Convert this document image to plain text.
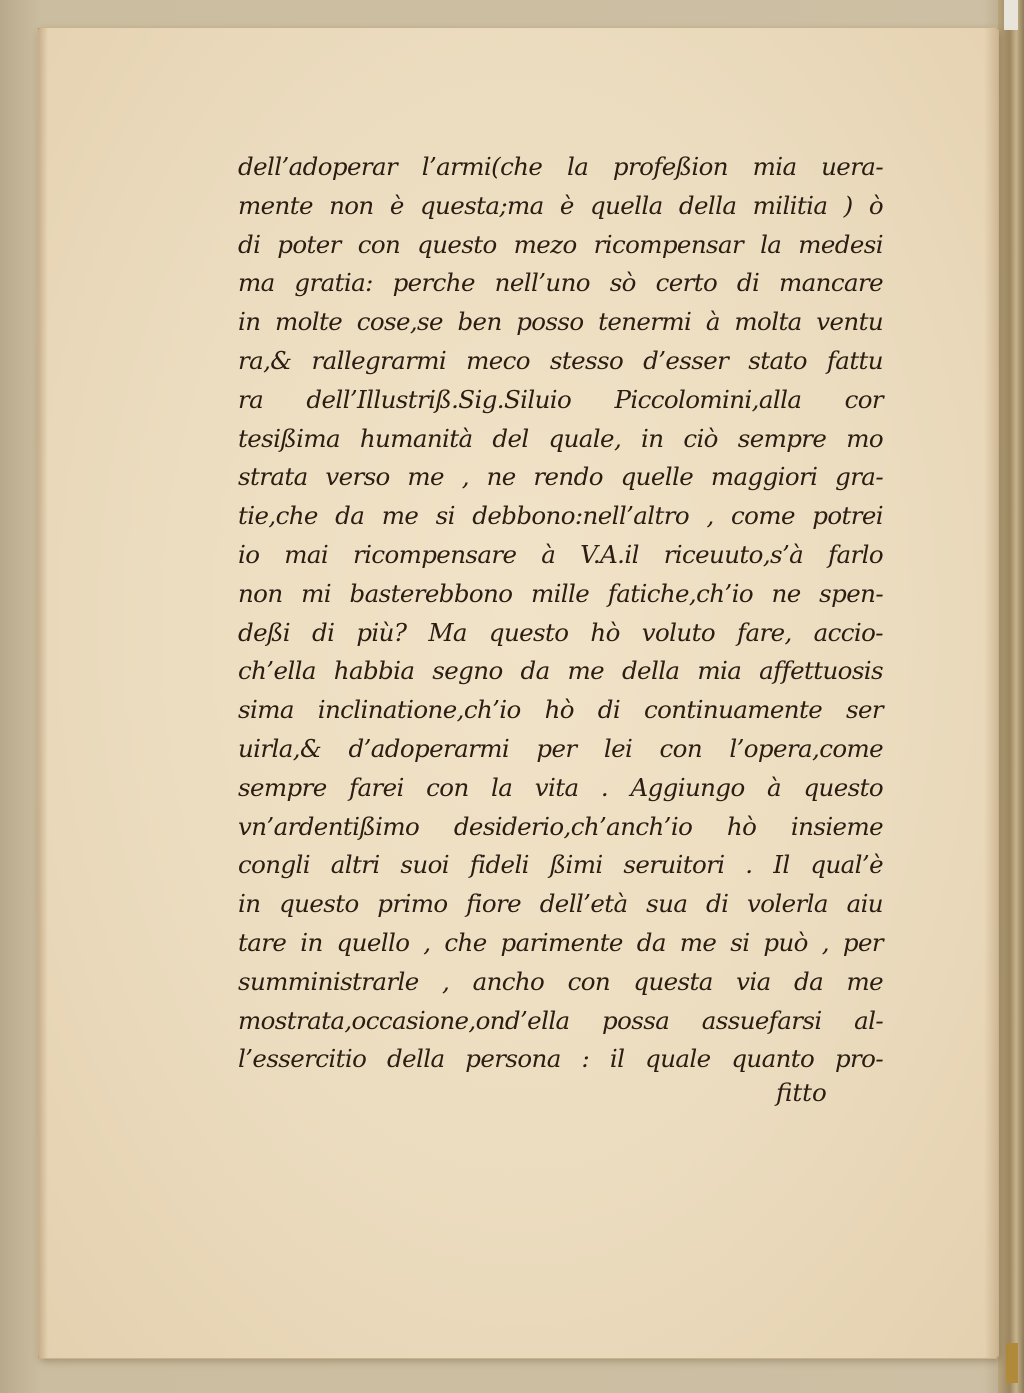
dell’adoperar l’armi(che la profeßion mia uera-
mente non è questa;ma è quella della militia ) ò
di poter con questo mezo ricompensar la medesi
ma gratia: perche nell’uno sò certo di mancare
in molte cose,se ben posso tenermi à molta ventu
ra,& rallegrarmi meco stesso d’esser stato fattu
ra dell’Illustriß.Sig.Siluio Piccolomini,alla cor
tesißima humanità del quale, in ciò sempre mo
strata verso me , ne rendo quelle maggiori gra-
tie,che da me si debbono:nell’altro , come potrei
io mai ricompensare à V.A.il riceuuto,s’à farlo
non mi basterebbono mille fatiche,ch’io ne spen-
deßi di più? Ma questo hò voluto fare, accio-
ch’ella habbia segno da me della mia affettuosis
sima inclinatione,ch’io hò di continuamente ser
uirla,& d’adoperarmi per lei con l’opera,come
sempre farei con la vita . Aggiungo à questo
vn’ardentißimo desiderio,ch’anch’io hò insieme
congli altri suoi fideli ßimi seruitori . Il qual’è
in questo primo fiore dell’età sua di volerla aiu
tare in quello , che parimente da me si può , per
sumministrarle , ancho con questa via da me
mostrata,occasione,ond’ella possa assuefarsi al-
l’essercitio della persona : il quale quanto pro-
fitto
